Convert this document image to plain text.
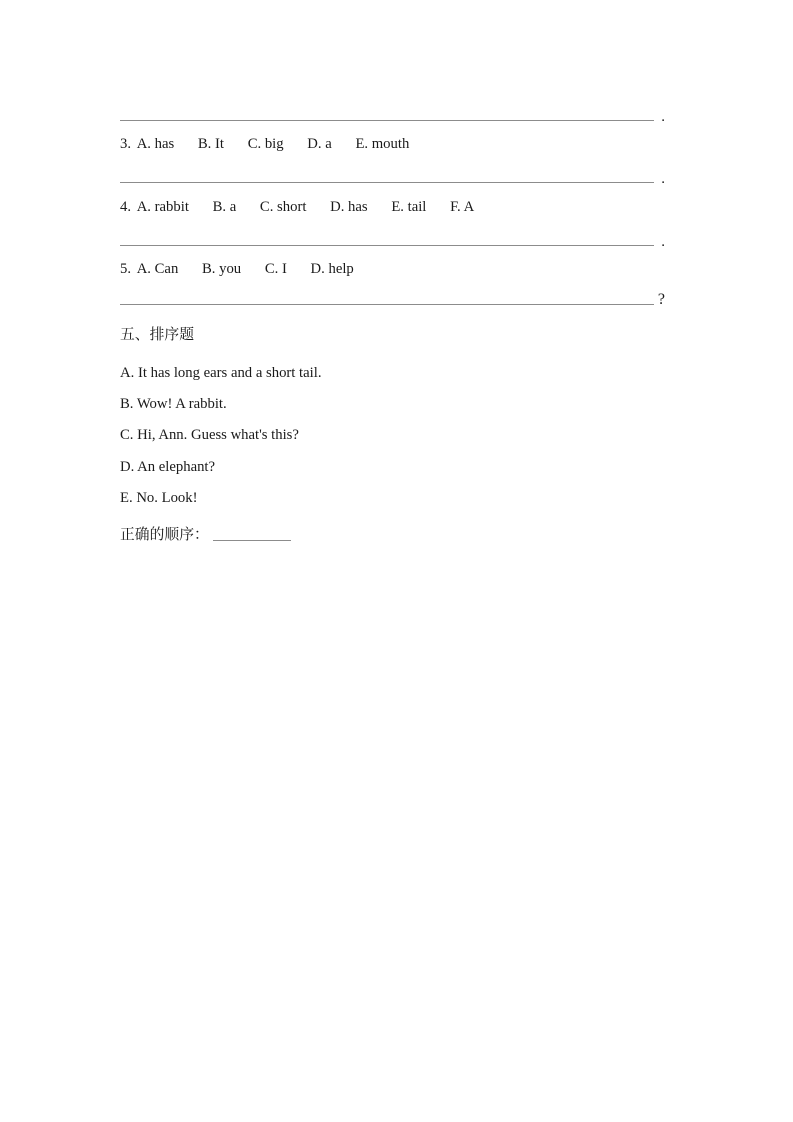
.
3. A. has B. It C. big D. a E. mouth
.
4. A. rabbit B. a C. short D. has E. tail F. A
.
5. A. Can B. you C. I D. help
?
五、排序题
A. It has long ears and a short tail.
B. Wow! A rabbit.
C. Hi, Ann. Guess what's this?
D. An elephant?
E. No. Look!
正确的顺序：
